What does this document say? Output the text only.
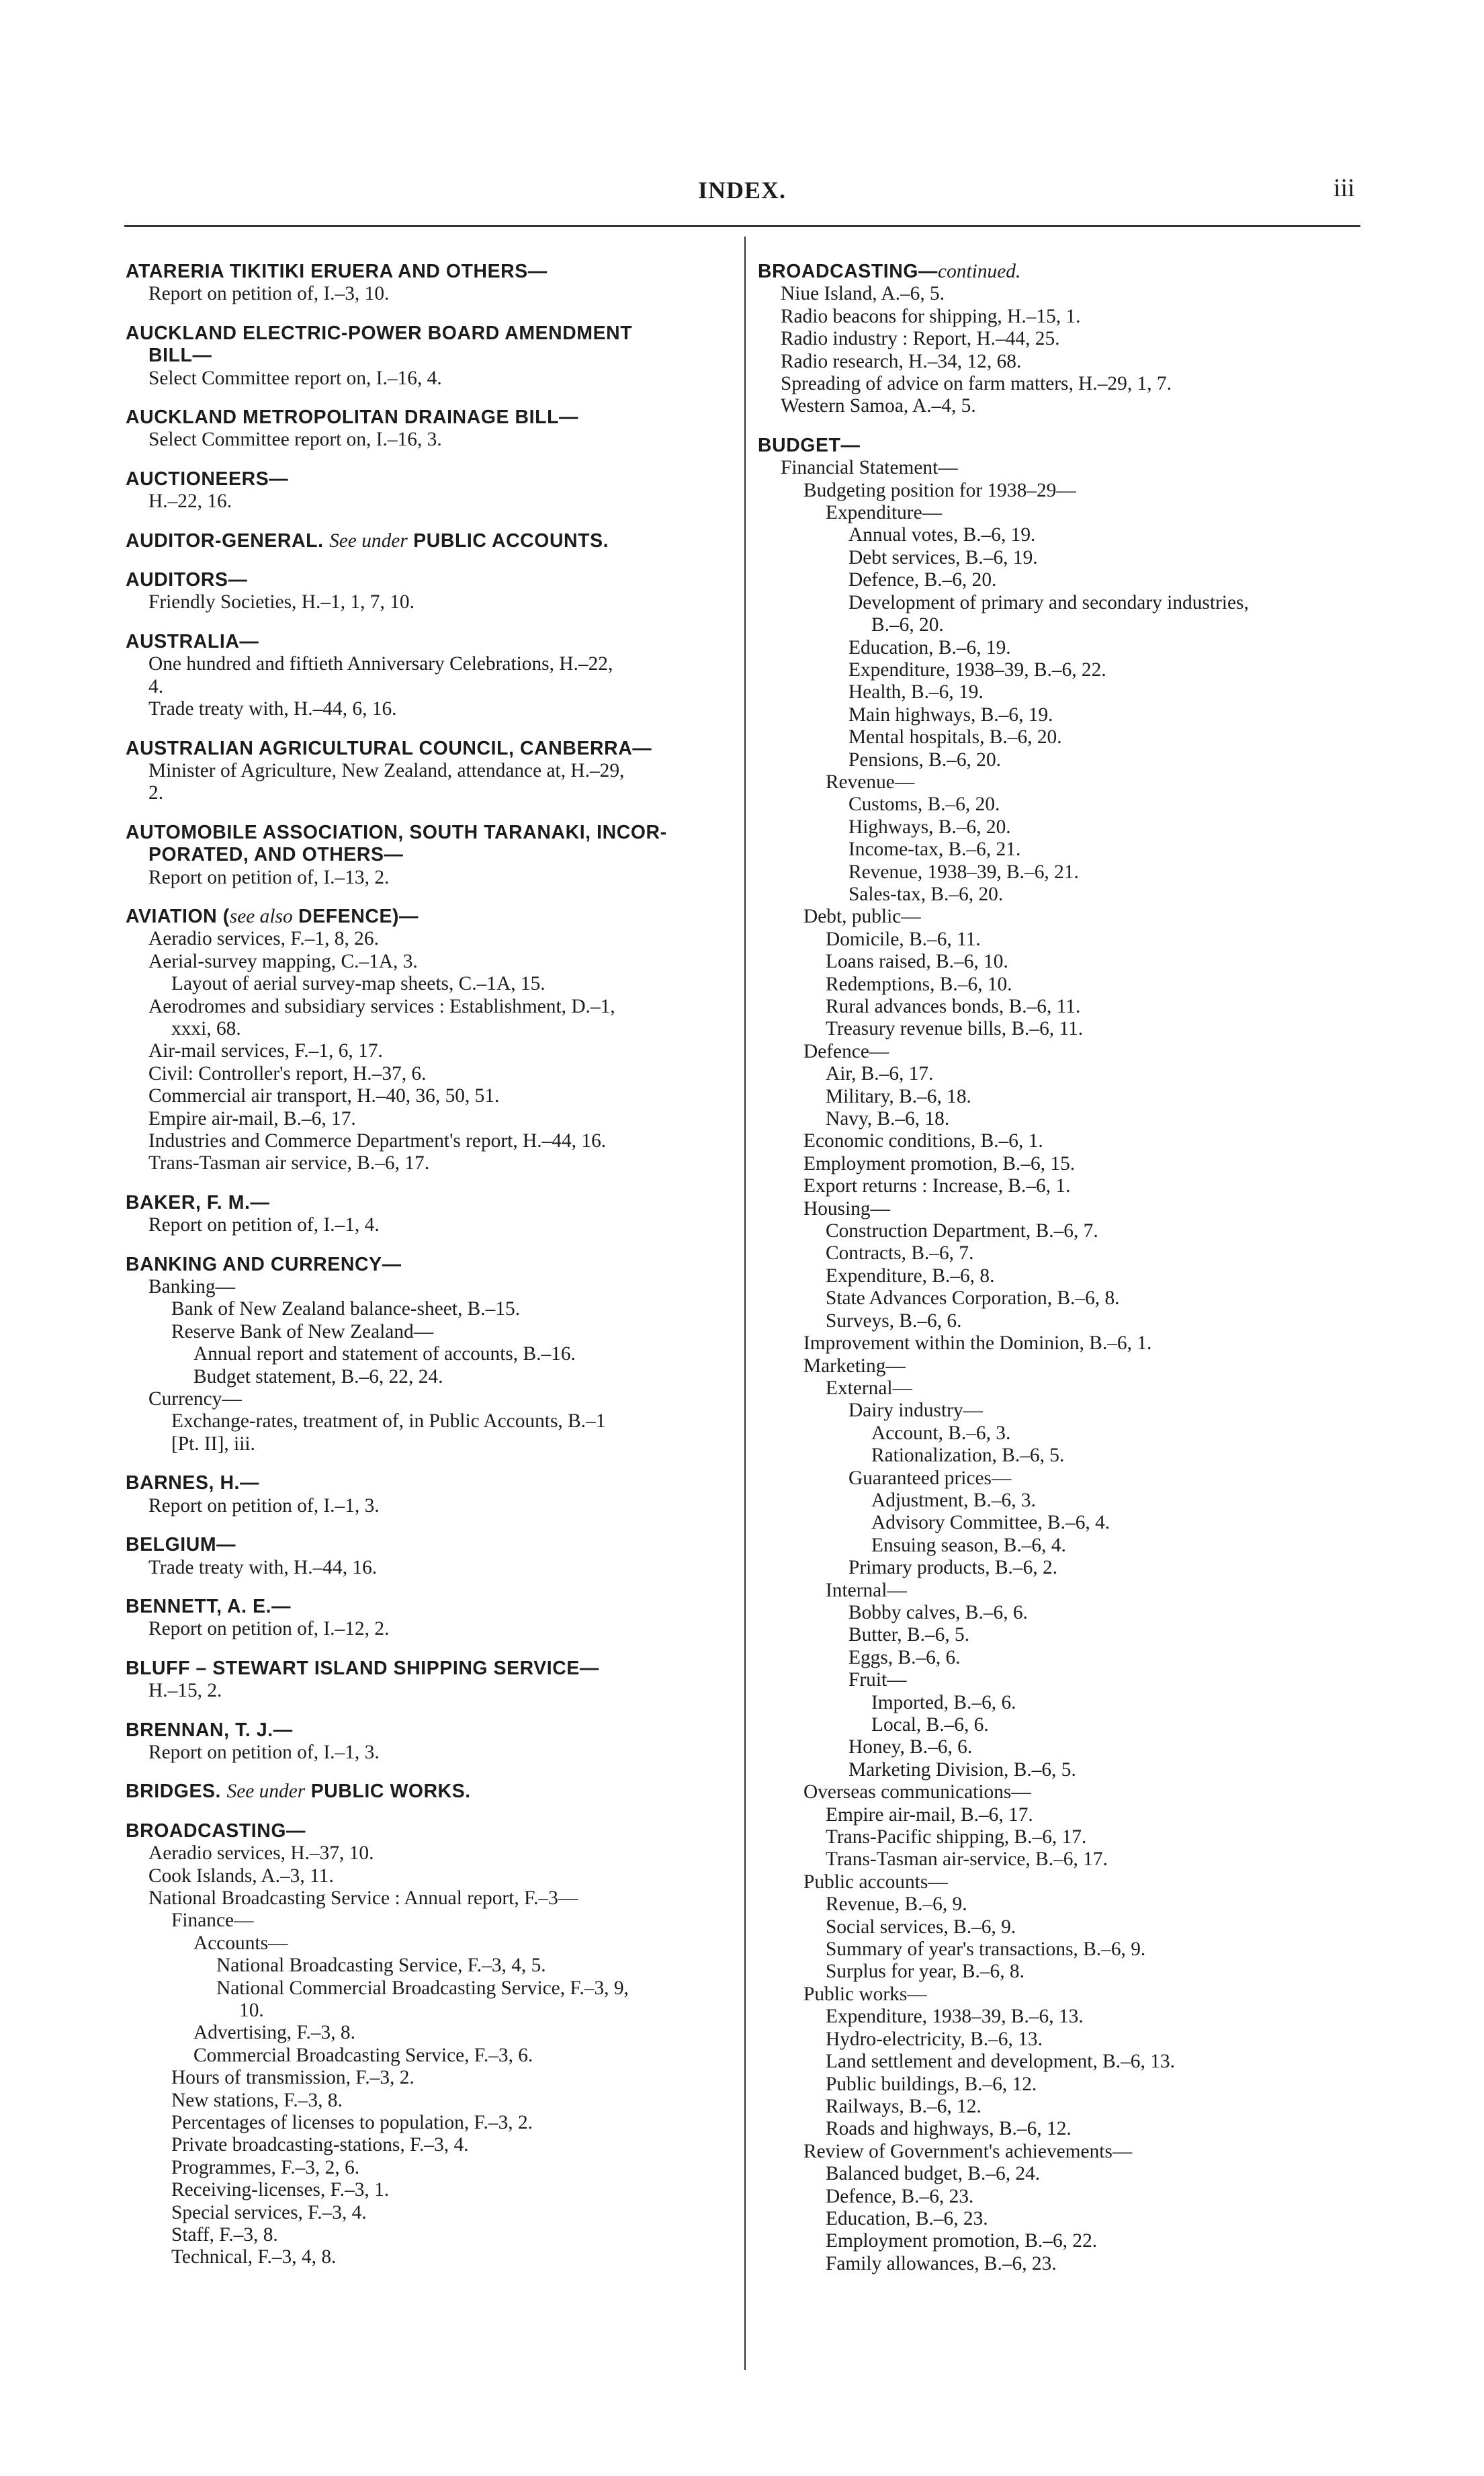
INDEX.	iii
ATARERIA TIKITIKI ERUERA AND OTHERS—
Report on petition of, I.–3, 10.
AUCKLAND ELECTRIC-POWER BOARD AMENDMENT
BILL—
Select Committee report on, I.–16, 4.
AUCKLAND METROPOLITAN DRAINAGE BILL—
Select Committee report on, I.–16, 3.
AUCTIONEERS—
H.–22, 16.
AUDITOR-GENERAL. See under PUBLIC ACCOUNTS.
AUDITORS—
Friendly Societies, H.–1, 1, 7, 10.
AUSTRALIA—
One hundred and fiftieth Anniversary Celebrations, H.–22,
4.
Trade treaty with, H.–44, 6, 16.
AUSTRALIAN AGRICULTURAL COUNCIL, CANBERRA—
Minister of Agriculture, New Zealand, attendance at, H.–29,
2.
AUTOMOBILE ASSOCIATION, SOUTH TARANAKI, INCOR-
PORATED, AND OTHERS—
Report on petition of, I.–13, 2.
AVIATION (see also DEFENCE)—
Aeradio services, F.–1, 8, 26.
Aerial-survey mapping, C.–1A, 3.
Layout of aerial survey-map sheets, C.–1A, 15.
Aerodromes and subsidiary services : Establishment, D.–1,
xxxi, 68.
Air-mail services, F.–1, 6, 17.
Civil: Controller's report, H.–37, 6.
Commercial air transport, H.–40, 36, 50, 51.
Empire air-mail, B.–6, 17.
Industries and Commerce Department's report, H.–44, 16.
Trans-Tasman air service, B.–6, 17.
BAKER, F. M.—
Report on petition of, I.–1, 4.
BANKING AND CURRENCY—
Banking—
Bank of New Zealand balance-sheet, B.–15.
Reserve Bank of New Zealand—
Annual report and statement of accounts, B.–16.
Budget statement, B.–6, 22, 24.
Currency—
Exchange-rates, treatment of, in Public Accounts, B.–1
[Pt. II], iii.
BARNES, H.—
Report on petition of, I.–1, 3.
BELGIUM—
Trade treaty with, H.–44, 16.
BENNETT, A. E.—
Report on petition of, I.–12, 2.
BLUFF – STEWART ISLAND SHIPPING SERVICE—
H.–15, 2.
BRENNAN, T. J.—
Report on petition of, I.–1, 3.
BRIDGES. See under PUBLIC WORKS.
BROADCASTING—
Aeradio services, H.–37, 10.
Cook Islands, A.–3, 11.
National Broadcasting Service : Annual report, F.–3—
Finance—
Accounts—
National Broadcasting Service, F.–3, 4, 5.
National Commercial Broadcasting Service, F.–3, 9,
10.
Advertising, F.–3, 8.
Commercial Broadcasting Service, F.–3, 6.
Hours of transmission, F.–3, 2.
New stations, F.–3, 8.
Percentages of licenses to population, F.–3, 2.
Private broadcasting-stations, F.–3, 4.
Programmes, F.–3, 2, 6.
Receiving-licenses, F.–3, 1.
Special services, F.–3, 4.
Staff, F.–3, 8.
Technical, F.–3, 4, 8.
BROADCASTING—continued.
Niue Island, A.–6, 5.
Radio beacons for shipping, H.–15, 1.
Radio industry : Report, H.–44, 25.
Radio research, H.–34, 12, 68.
Spreading of advice on farm matters, H.–29, 1, 7.
Western Samoa, A.–4, 5.
BUDGET—
Financial Statement—
Budgeting position for 1938–29—
Expenditure—
Annual votes, B.–6, 19.
Debt services, B.–6, 19.
Defence, B.–6, 20.
Development of primary and secondary industries,
B.–6, 20.
Education, B.–6, 19.
Expenditure, 1938–39, B.–6, 22.
Health, B.–6, 19.
Main highways, B.–6, 19.
Mental hospitals, B.–6, 20.
Pensions, B.–6, 20.
Revenue—
Customs, B.–6, 20.
Highways, B.–6, 20.
Income-tax, B.–6, 21.
Revenue, 1938–39, B.–6, 21.
Sales-tax, B.–6, 20.
Debt, public—
Domicile, B.–6, 11.
Loans raised, B.–6, 10.
Redemptions, B.–6, 10.
Rural advances bonds, B.–6, 11.
Treasury revenue bills, B.–6, 11.
Defence—
Air, B.–6, 17.
Military, B.–6, 18.
Navy, B.–6, 18.
Economic conditions, B.–6, 1.
Employment promotion, B.–6, 15.
Export returns : Increase, B.–6, 1.
Housing—
Construction Department, B.–6, 7.
Contracts, B.–6, 7.
Expenditure, B.–6, 8.
State Advances Corporation, B.–6, 8.
Surveys, B.–6, 6.
Improvement within the Dominion, B.–6, 1.
Marketing—
External—
Dairy industry—
Account, B.–6, 3.
Rationalization, B.–6, 5.
Guaranteed prices—
Adjustment, B.–6, 3.
Advisory Committee, B.–6, 4.
Ensuing season, B.–6, 4.
Primary products, B.–6, 2.
Internal—
Bobby calves, B.–6, 6.
Butter, B.–6, 5.
Eggs, B.–6, 6.
Fruit—
Imported, B.–6, 6.
Local, B.–6, 6.
Honey, B.–6, 6.
Marketing Division, B.–6, 5.
Overseas communications—
Empire air-mail, B.–6, 17.
Trans-Pacific shipping, B.–6, 17.
Trans-Tasman air-service, B.–6, 17.
Public accounts—
Revenue, B.–6, 9.
Social services, B.–6, 9.
Summary of year's transactions, B.–6, 9.
Surplus for year, B.–6, 8.
Public works—
Expenditure, 1938–39, B.–6, 13.
Hydro-electricity, B.–6, 13.
Land settlement and development, B.–6, 13.
Public buildings, B.–6, 12.
Railways, B.–6, 12.
Roads and highways, B.–6, 12.
Review of Government's achievements—
Balanced budget, B.–6, 24.
Defence, B.–6, 23.
Education, B.–6, 23.
Employment promotion, B.–6, 22.
Family allowances, B.–6, 23.
